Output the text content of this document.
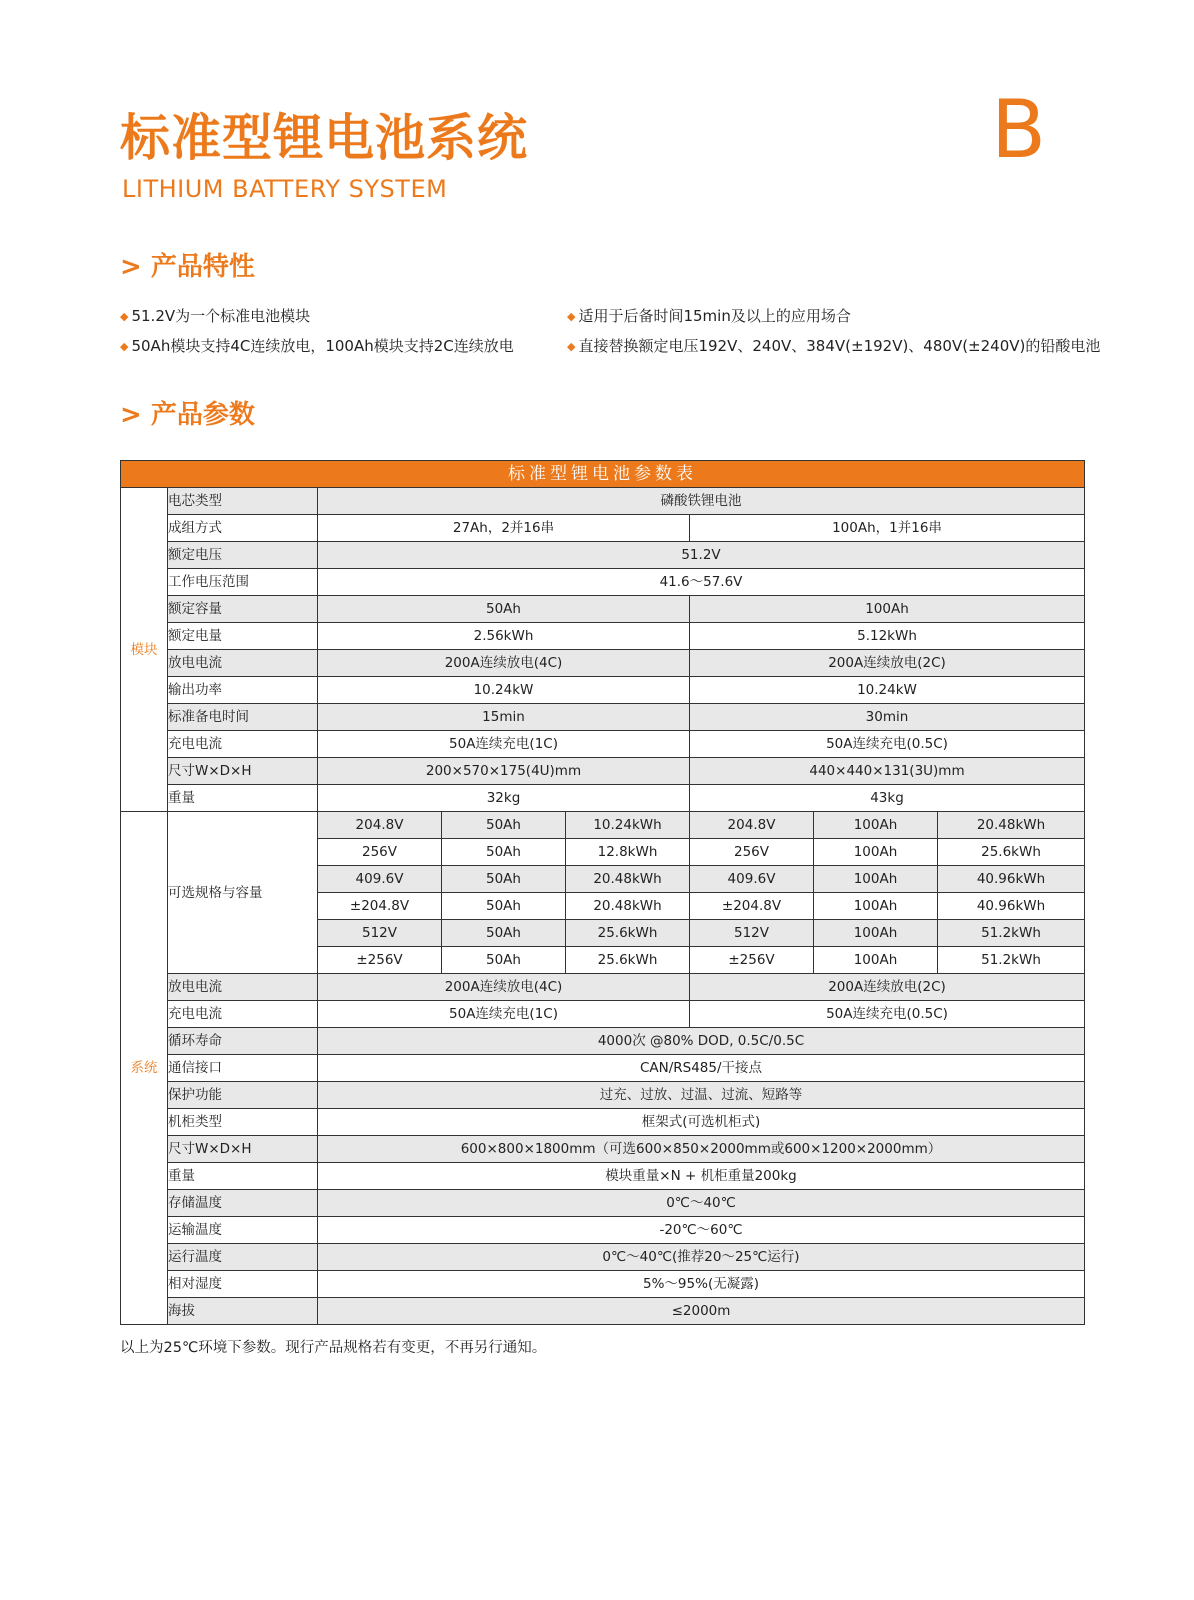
标准型锂电池系统
LITHIUM BATTERY SYSTEM
B
> 产品特性
◆ 51.2V为一个标准电池模块	◆ 适用于后备时间15min及以上的应用场合
◆ 50Ah模块支持4C连续放电，100Ah模块支持2C连续放电	◆ 直接替换额定电压192V、240V、384V(±192V)、480V(±240V)的铅酸电池
> 产品参数
标准型锂电池参数表							
模块	电芯类型	磷酸铁锂电池					
	成组方式	27Ah，2并16串			100Ah，1并16串		
	额定电压	51.2V					
	工作电压范围	41.6～57.6V					
	额定容量	50Ah			100Ah		
	额定电量	2.56kWh			5.12kWh		
	放电电流	200A连续放电(4C)			200A连续放电(2C)		
	输出功率	10.24kW			10.24kW		
	标准备电时间	15min			30min		
	充电电流	50A连续充电(1C)			50A连续充电(0.5C)		
	尺寸W×D×H	200×570×175(4U)mm			440×440×131(3U)mm		
	重量	32kg			43kg		
系统	可选规格与容量	204.8V	50Ah	10.24kWh	204.8V	100Ah	20.48kWh
		256V	50Ah	12.8kWh	256V	100Ah	25.6kWh
		409.6V	50Ah	20.48kWh	409.6V	100Ah	40.96kWh
		±204.8V	50Ah	20.48kWh	±204.8V	100Ah	40.96kWh
		512V	50Ah	25.6kWh	512V	100Ah	51.2kWh
		±256V	50Ah	25.6kWh	±256V	100Ah	51.2kWh
	放电电流	200A连续放电(4C)			200A连续放电(2C)		
	充电电流	50A连续充电(1C)			50A连续充电(0.5C)		
	循环寿命	4000次 @80% DOD, 0.5C/0.5C					
	通信接口	CAN/RS485/干接点					
	保护功能	过充、过放、过温、过流、短路等					
	机柜类型	框架式(可选机柜式)					
	尺寸W×D×H	600×800×1800mm（可选600×850×2000mm或600×1200×2000mm）					
	重量	模块重量×N + 机柜重量200kg					
	存储温度	0℃～40℃					
	运输温度	-20℃～60℃					
	运行温度	0℃～40℃(推荐20～25℃运行)					
	相对湿度	5%～95%(无凝露)					
	海拔	≤2000m					

以上为25℃环境下参数。现行产品规格若有变更，不再另行通知。
